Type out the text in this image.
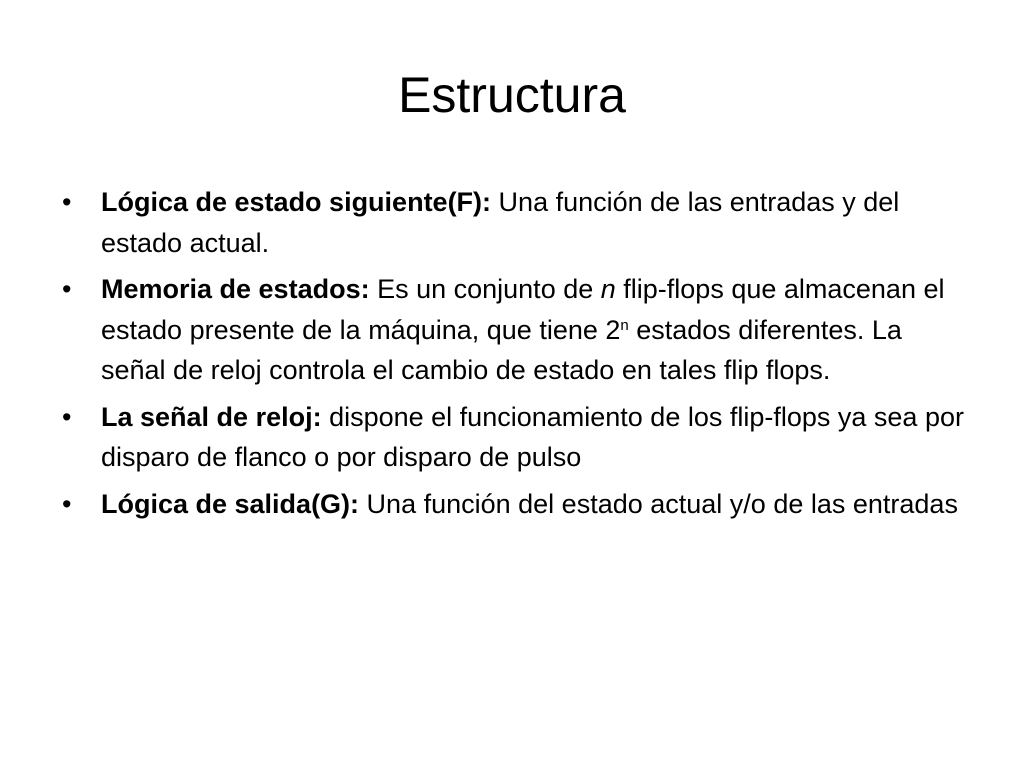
Estructura
•	Lógica de estado siguiente(F): Una función de las entradas y del estado actual.
•	Memoria de estados: Es un conjunto de n flip-flops que almacenan el estado presente de la máquina, que tiene 2$^n$ estados diferentes. La señal de reloj controla el cambio de estado en tales flip flops.
•	La señal de reloj: dispone el funcionamiento de los flip-flops ya sea por disparo de flanco o por disparo de pulso
•	Lógica de salida(G): Una función del estado actual y/o de las entradas
